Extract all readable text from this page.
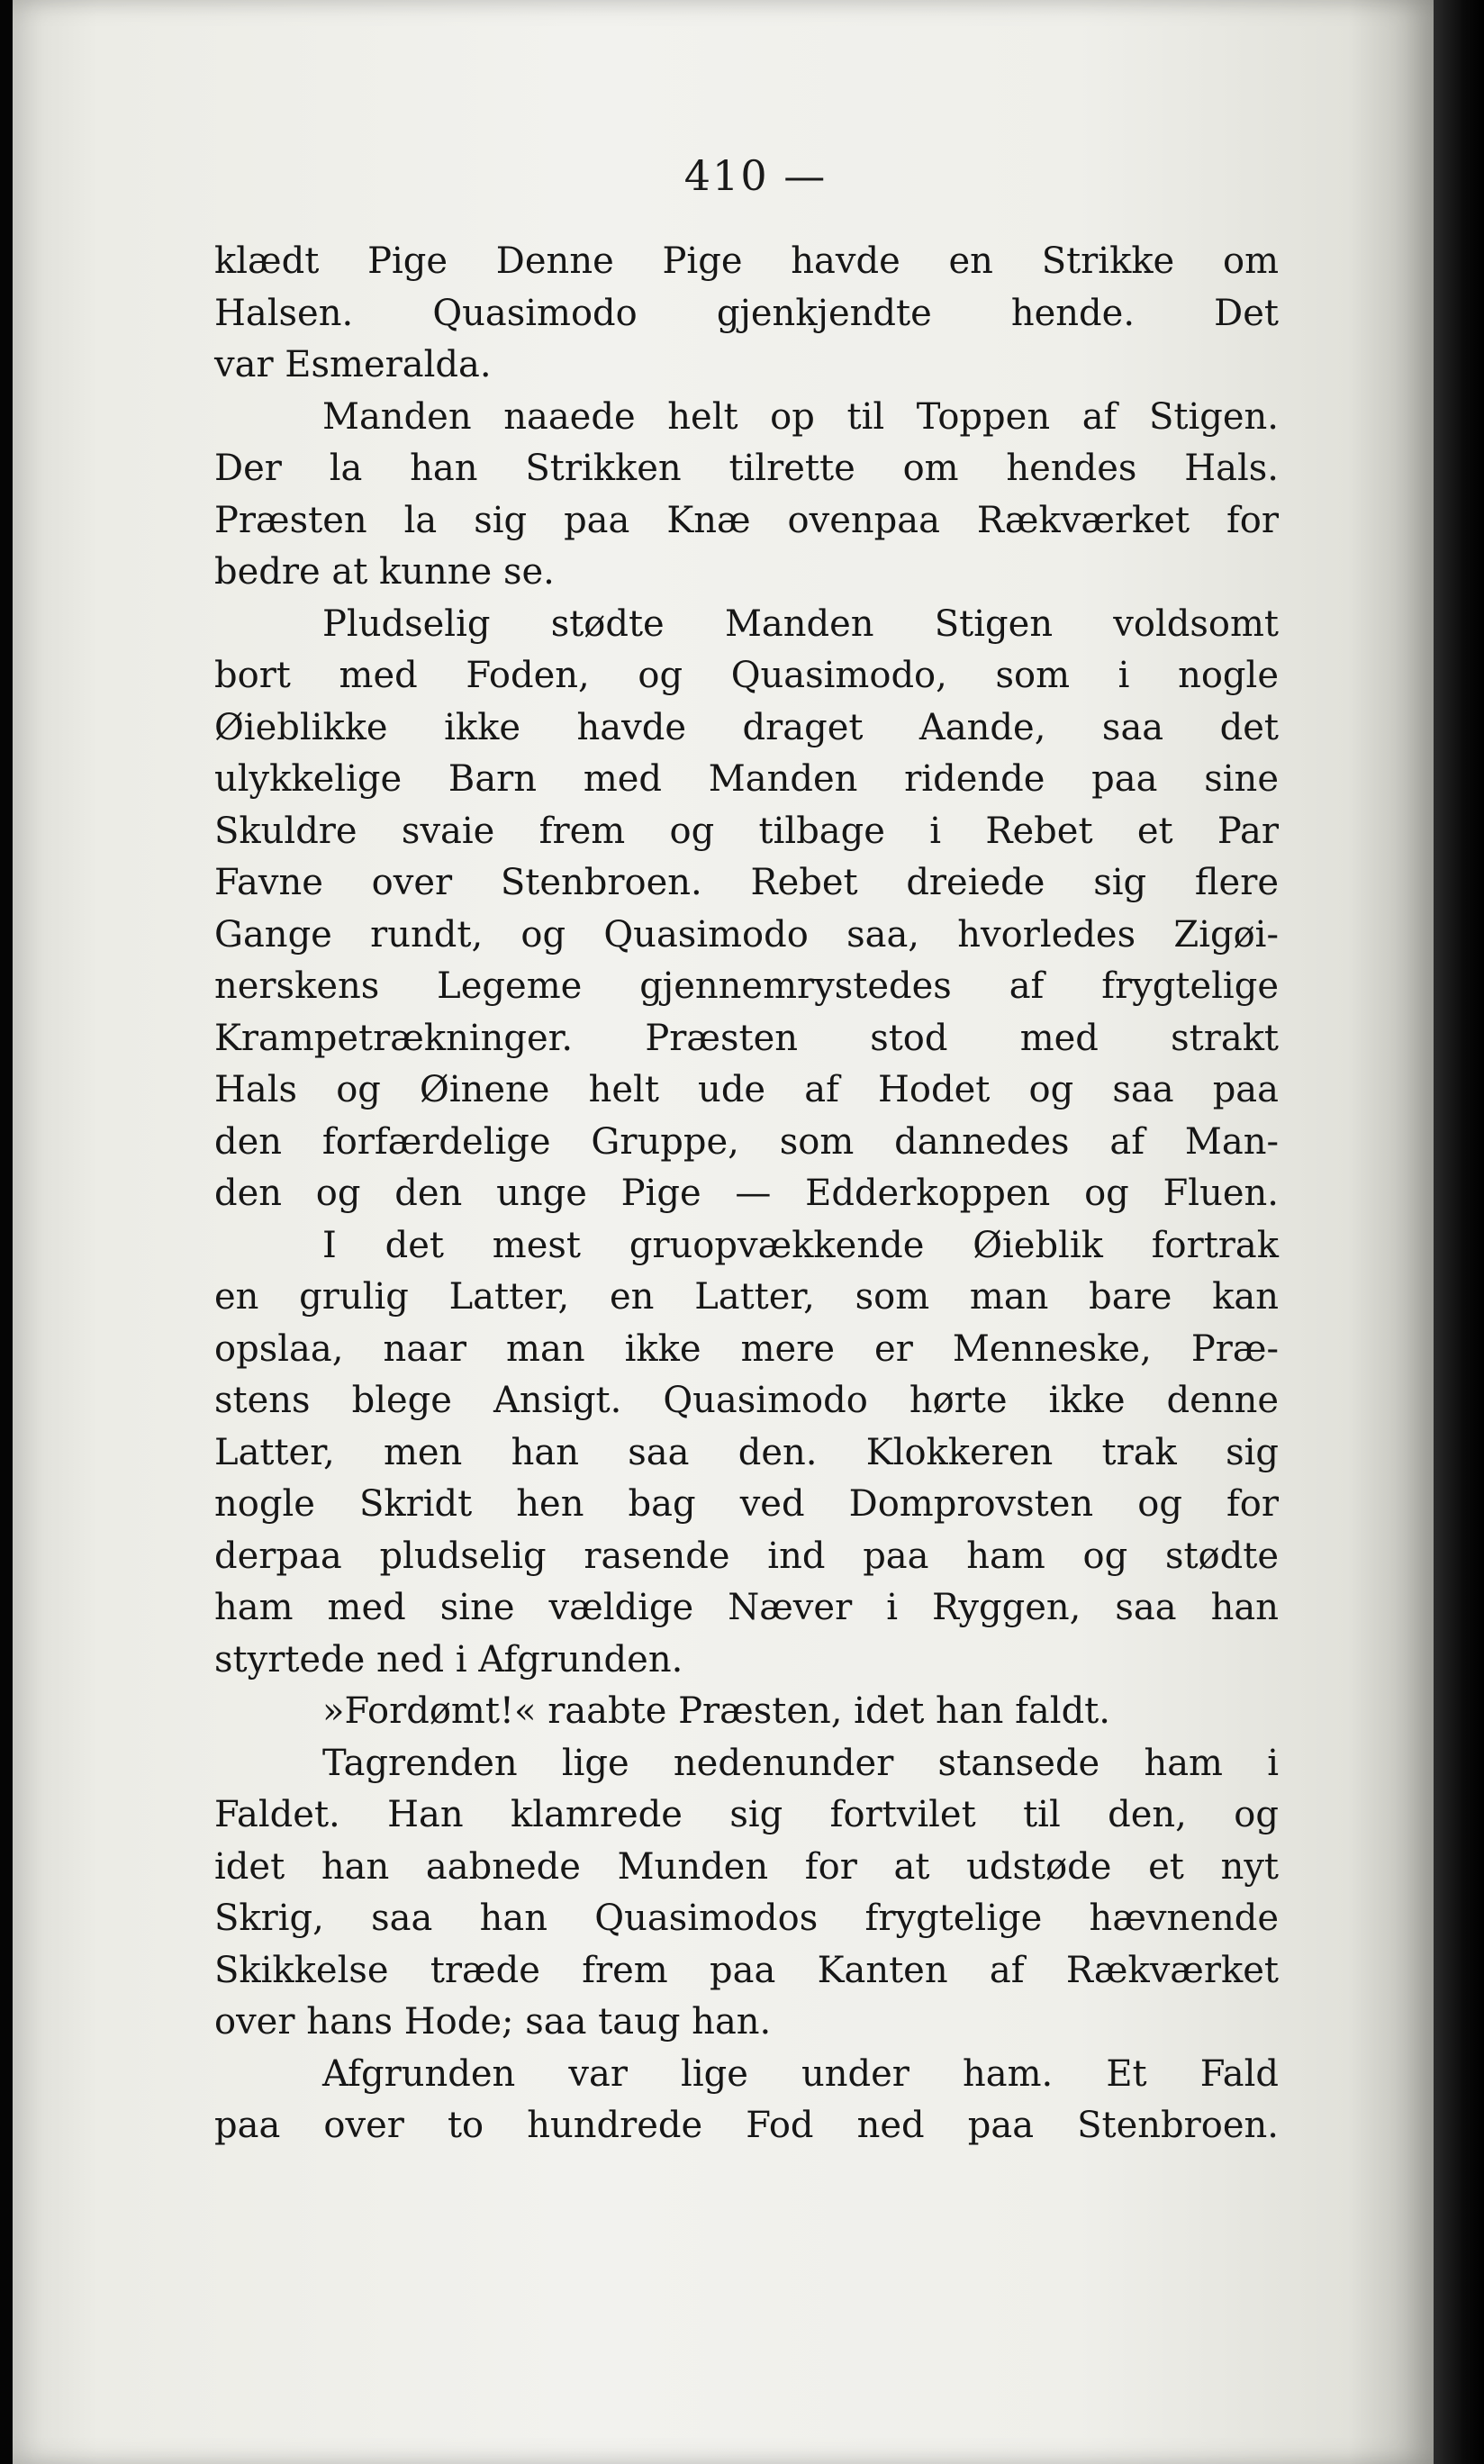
410 —
klædt Pige Denne Pige havde en Strikke om
Halsen. Quasimodo gjenkjendte hende. Det
var Esmeralda.
Manden naaede helt op til Toppen af Stigen.
Der la han Strikken tilrette om hendes Hals.
Præsten la sig paa Knæ ovenpaa Rækværket for
bedre at kunne se.
Pludselig stødte Manden Stigen voldsomt
bort med Foden, og Quasimodo, som i nogle
Øieblikke ikke havde draget Aande, saa det
ulykkelige Barn med Manden ridende paa sine
Skuldre svaie frem og tilbage i Rebet et Par
Favne over Stenbroen. Rebet dreiede sig flere
Gange rundt, og Quasimodo saa, hvorledes Zigøi-
nerskens Legeme gjennemrystedes af frygtelige
Krampetrækninger. Præsten stod med strakt
Hals og Øinene helt ude af Hodet og saa paa
den forfærdelige Gruppe, som dannedes af Man-
den og den unge Pige — Edderkoppen og Fluen.
I det mest gruopvækkende Øieblik fortrak
en grulig Latter, en Latter, som man bare kan
opslaa, naar man ikke mere er Menneske, Præ-
stens blege Ansigt. Quasimodo hørte ikke denne
Latter, men han saa den. Klokkeren trak sig
nogle Skridt hen bag ved Domprovsten og for
derpaa pludselig rasende ind paa ham og stødte
ham med sine vældige Næver i Ryggen, saa han
styrtede ned i Afgrunden.
»Fordømt!« raabte Præsten, idet han faldt.
Tagrenden lige nedenunder stansede ham i
Faldet. Han klamrede sig fortvilet til den, og
idet han aabnede Munden for at udstøde et nyt
Skrig, saa han Quasimodos frygtelige hævnende
Skikkelse træde frem paa Kanten af Rækværket
over hans Hode; saa taug han.
Afgrunden var lige under ham. Et Fald
paa over to hundrede Fod ned paa Stenbroen.
